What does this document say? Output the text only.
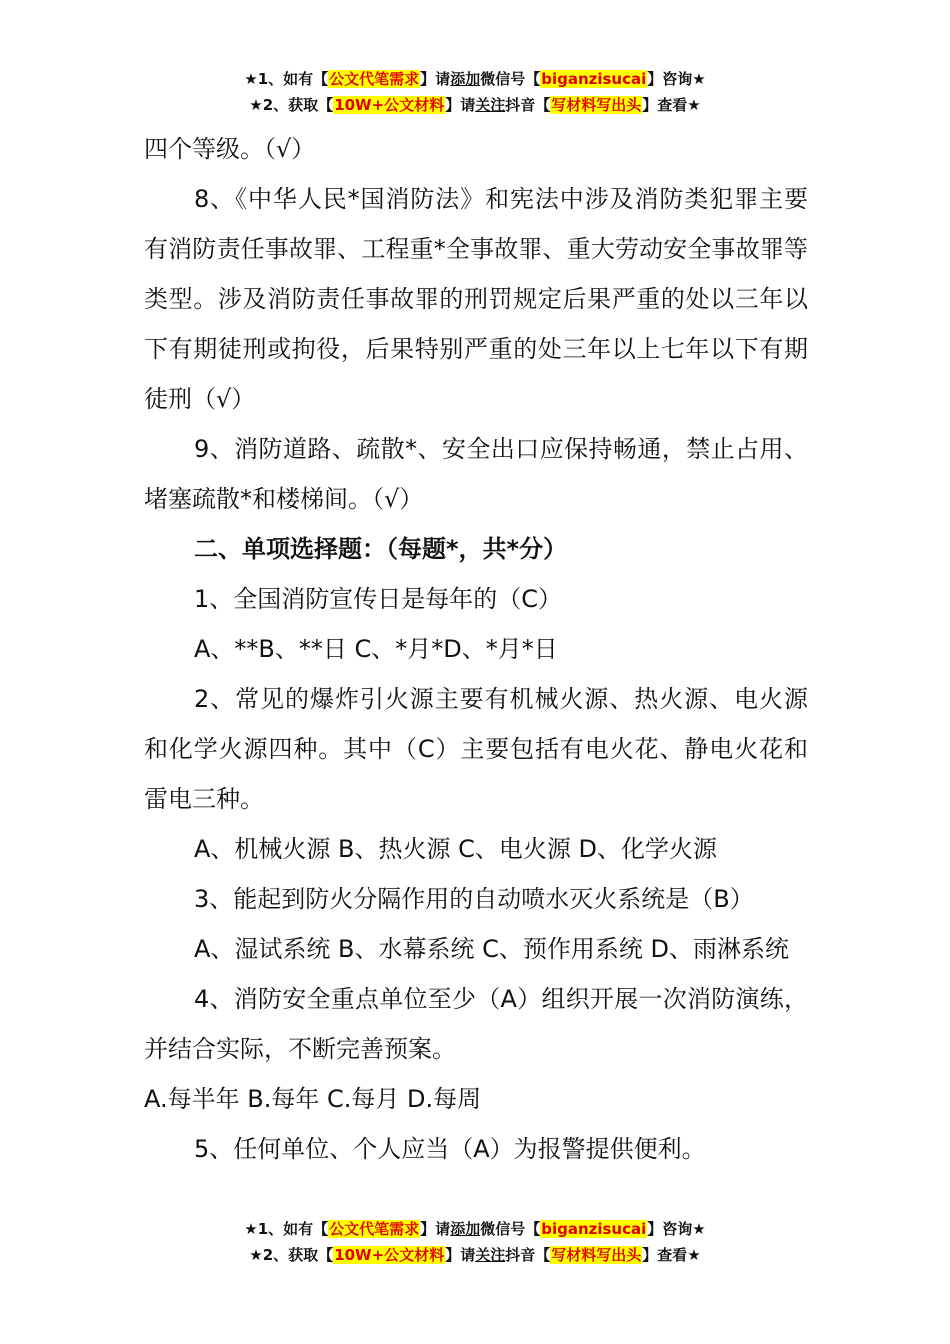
★1、如有【公文代笔需求】请添加微信号【biganzisucai】咨询★
★2、获取【10W+公文材料】请关注抖音【写材料写出头】查看★

四个等级。（√）

8、《中华人民*国消防法》和宪法中涉及消防类犯罪主要有消防责任事故罪、工程重*全事故罪、重大劳动安全事故罪等类型。涉及消防责任事故罪的刑罚规定后果严重的处以三年以下有期徒刑或拘役，后果特别严重的处三年以上七年以下有期徒刑（√）

9、消防道路、疏散*、安全出口应保持畅通，禁止占用、堵塞疏散*和楼梯间。（√）

二、单项选择题：（每题*，共*分）

1、全国消防宣传日是每年的（C）

A、**B、**日 C、*月*D、*月*日

2、常见的爆炸引火源主要有机械火源、热火源、电火源和化学火源四种。其中（C）主要包括有电火花、静电火花和雷电三种。

A、机械火源 B、热火源 C、电火源 D、化学火源

3、能起到防火分隔作用的自动喷水灭火系统是（B）

A、湿试系统 B、水幕系统 C、预作用系统 D、雨淋系统

4、消防安全重点单位至少（A）组织开展一次消防演练，并结合实际，不断完善预案。

A.每半年 B.每年 C.每月 D.每周

5、任何单位、个人应当（A）为报警提供便利。

★1、如有【公文代笔需求】请添加微信号【biganzisucai】咨询★
★2、获取【10W+公文材料】请关注抖音【写材料写出头】查看★
